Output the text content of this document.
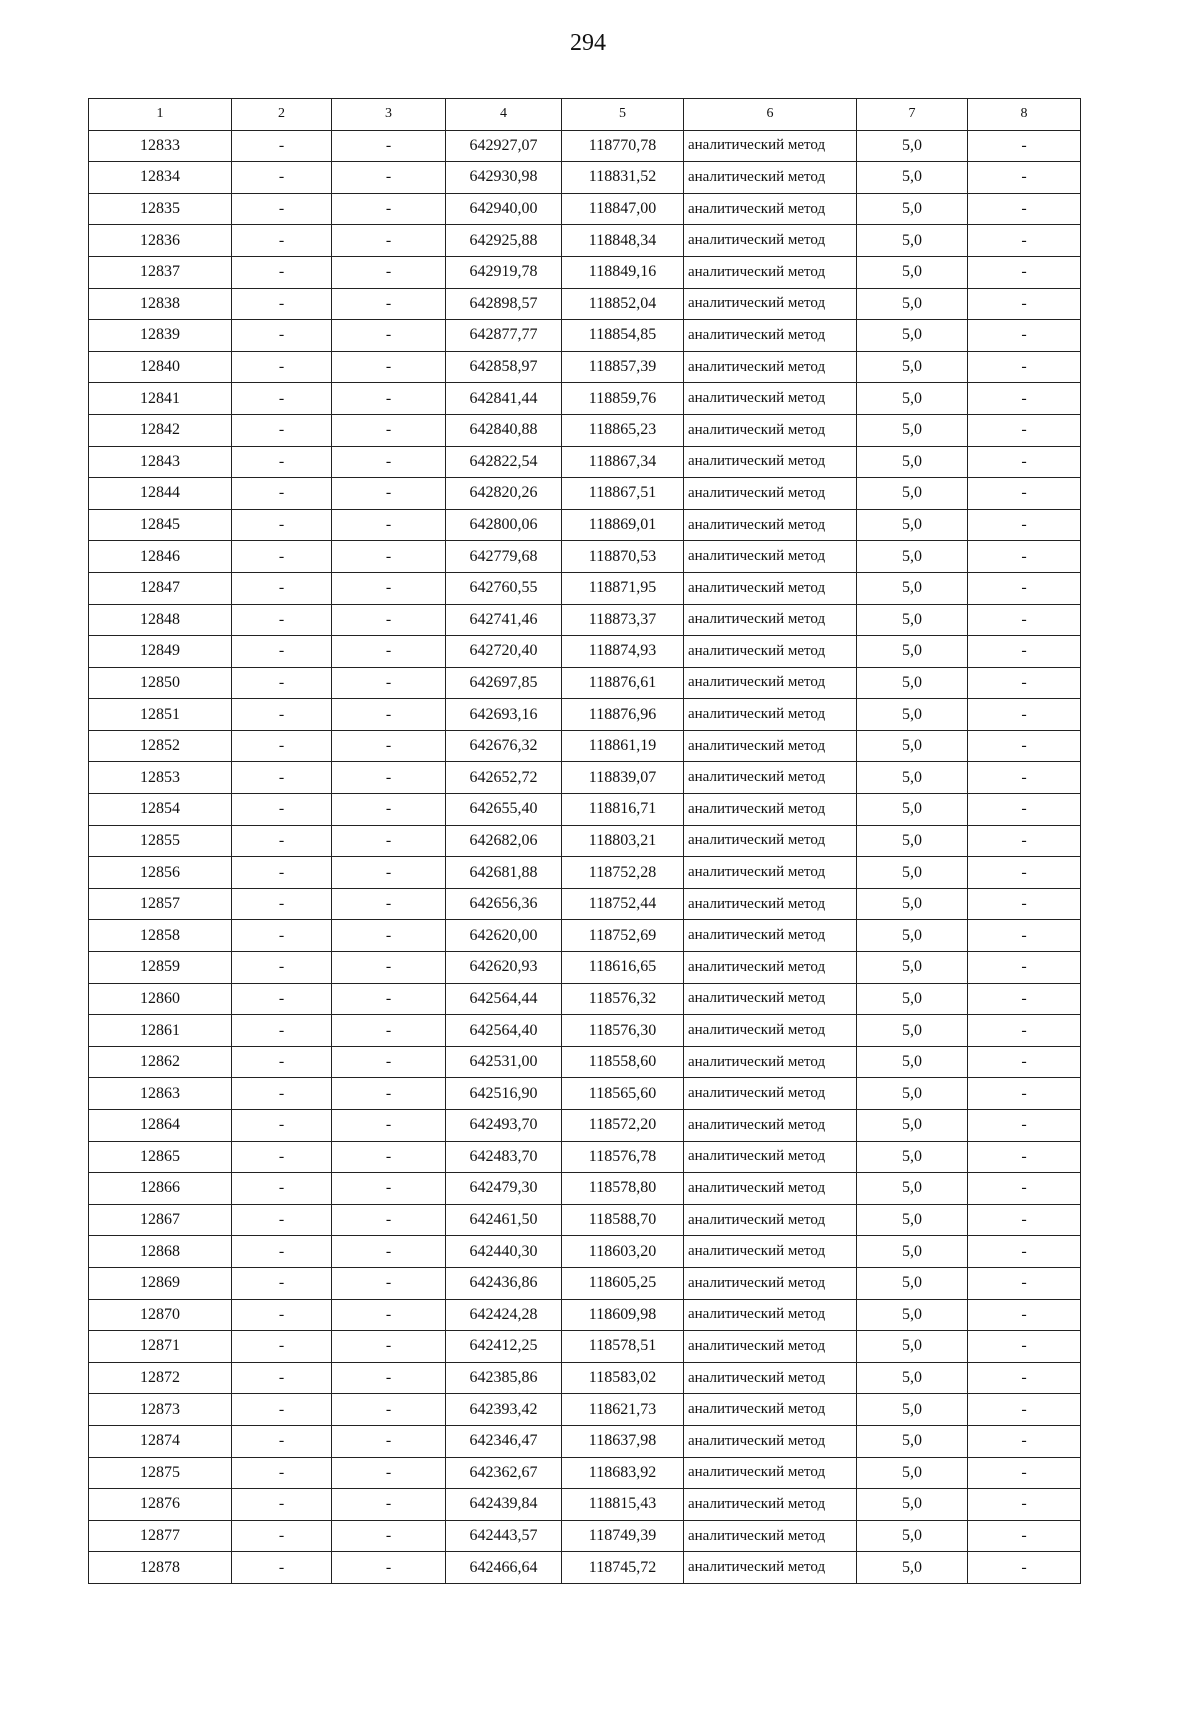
294
1	2	3	4	5	6	7	8
12833	-	-	642927,07	118770,78	аналитический метод	5,0	-
12834	-	-	642930,98	118831,52	аналитический метод	5,0	-
12835	-	-	642940,00	118847,00	аналитический метод	5,0	-
12836	-	-	642925,88	118848,34	аналитический метод	5,0	-
12837	-	-	642919,78	118849,16	аналитический метод	5,0	-
12838	-	-	642898,57	118852,04	аналитический метод	5,0	-
12839	-	-	642877,77	118854,85	аналитический метод	5,0	-
12840	-	-	642858,97	118857,39	аналитический метод	5,0	-
12841	-	-	642841,44	118859,76	аналитический метод	5,0	-
12842	-	-	642840,88	118865,23	аналитический метод	5,0	-
12843	-	-	642822,54	118867,34	аналитический метод	5,0	-
12844	-	-	642820,26	118867,51	аналитический метод	5,0	-
12845	-	-	642800,06	118869,01	аналитический метод	5,0	-
12846	-	-	642779,68	118870,53	аналитический метод	5,0	-
12847	-	-	642760,55	118871,95	аналитический метод	5,0	-
12848	-	-	642741,46	118873,37	аналитический метод	5,0	-
12849	-	-	642720,40	118874,93	аналитический метод	5,0	-
12850	-	-	642697,85	118876,61	аналитический метод	5,0	-
12851	-	-	642693,16	118876,96	аналитический метод	5,0	-
12852	-	-	642676,32	118861,19	аналитический метод	5,0	-
12853	-	-	642652,72	118839,07	аналитический метод	5,0	-
12854	-	-	642655,40	118816,71	аналитический метод	5,0	-
12855	-	-	642682,06	118803,21	аналитический метод	5,0	-
12856	-	-	642681,88	118752,28	аналитический метод	5,0	-
12857	-	-	642656,36	118752,44	аналитический метод	5,0	-
12858	-	-	642620,00	118752,69	аналитический метод	5,0	-
12859	-	-	642620,93	118616,65	аналитический метод	5,0	-
12860	-	-	642564,44	118576,32	аналитический метод	5,0	-
12861	-	-	642564,40	118576,30	аналитический метод	5,0	-
12862	-	-	642531,00	118558,60	аналитический метод	5,0	-
12863	-	-	642516,90	118565,60	аналитический метод	5,0	-
12864	-	-	642493,70	118572,20	аналитический метод	5,0	-
12865	-	-	642483,70	118576,78	аналитический метод	5,0	-
12866	-	-	642479,30	118578,80	аналитический метод	5,0	-
12867	-	-	642461,50	118588,70	аналитический метод	5,0	-
12868	-	-	642440,30	118603,20	аналитический метод	5,0	-
12869	-	-	642436,86	118605,25	аналитический метод	5,0	-
12870	-	-	642424,28	118609,98	аналитический метод	5,0	-
12871	-	-	642412,25	118578,51	аналитический метод	5,0	-
12872	-	-	642385,86	118583,02	аналитический метод	5,0	-
12873	-	-	642393,42	118621,73	аналитический метод	5,0	-
12874	-	-	642346,47	118637,98	аналитический метод	5,0	-
12875	-	-	642362,67	118683,92	аналитический метод	5,0	-
12876	-	-	642439,84	118815,43	аналитический метод	5,0	-
12877	-	-	642443,57	118749,39	аналитический метод	5,0	-
12878	-	-	642466,64	118745,72	аналитический метод	5,0	-
